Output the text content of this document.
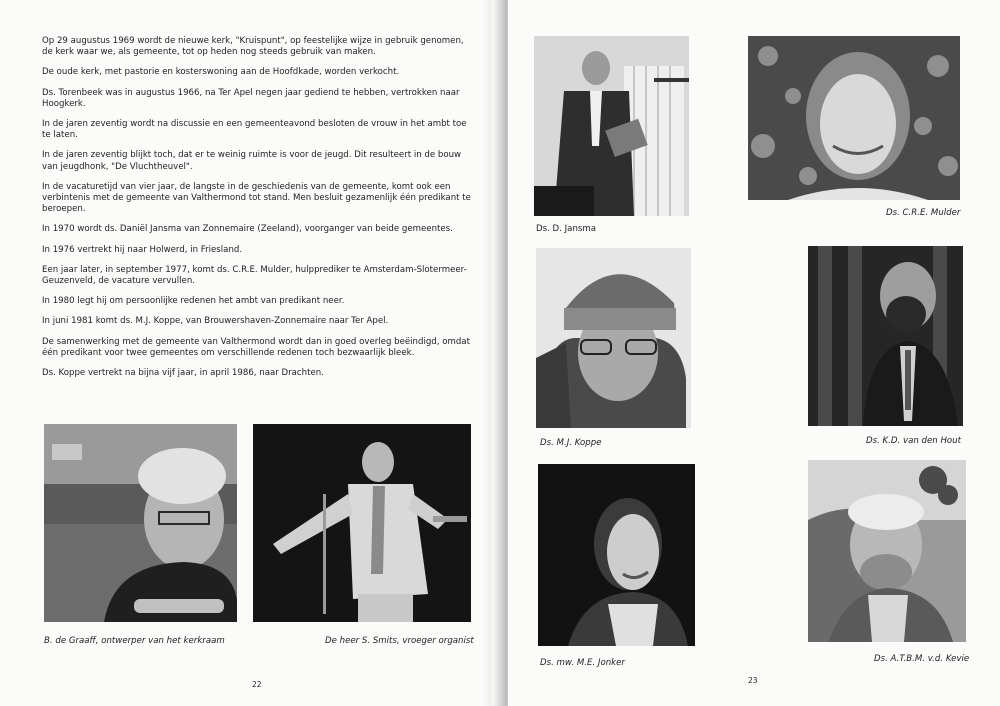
Op 29 augustus 1969 wordt de nieuwe kerk, "Kruispunt", op feestelijke wijze in gebruik genomen, de kerk waar we, als gemeente, tot op heden nog steeds gebruik van maken.

De oude kerk, met pastorie en kosterswoning aan de Hoofdkade, worden verkocht.

Ds. Torenbeek was in augustus 1966, na Ter Apel negen jaar gediend te hebben, vertrokken naar Hoogkerk.

In de jaren zeventig wordt na discussie en een gemeenteavond besloten de vrouw in het ambt toe te laten.

In de jaren zeventig blijkt toch, dat er te weinig ruimte is voor de jeugd. Dit resulteert in de bouw van jeugdhonk, "De Vluchtheuvel".

In de vacaturetijd van vier jaar, de langste in de geschiedenis van de gemeente, komt ook een verbintenis met de gemeente van Valthermond tot stand. Men besluit gezamenlijk één predikant te beroepen.

In 1970 wordt ds. Daniël Jansma van Zonnemaire (Zeeland), voorganger van beide gemeentes.

In 1976 vertrekt hij naar Holwerd, in Friesland.

Een jaar later, in september 1977, komt ds. C.R.E. Mulder, hulpprediker te Amsterdam-Slotermeer-Geuzenveld, de vacature vervullen.

In 1980 legt hij om persoonlijke redenen het ambt van predikant neer.

In juni 1981 komt ds. M.J. Koppe, van Brouwershaven-Zonnemaire naar Ter Apel.

De samenwerking met de gemeente van Valthermond wordt dan in goed overleg beëindigd, omdat één predikant voor twee gemeentes om verschillende redenen toch bezwaarlijk bleek.

Ds. Koppe vertrekt na bijna vijf jaar, in april 1986, naar Drachten.

B. de Graaff, ontwerper van het kerkraam	De heer S. Smits, vroeger organist
22
Ds. D. Jansma
Ds. C.R.E. Mulder
Ds. M.J. Koppe	Ds. K.D. van den Hout
Ds. mw. M.E. Jonker	Ds. A.T.B.M. v.d. Kevie
23
